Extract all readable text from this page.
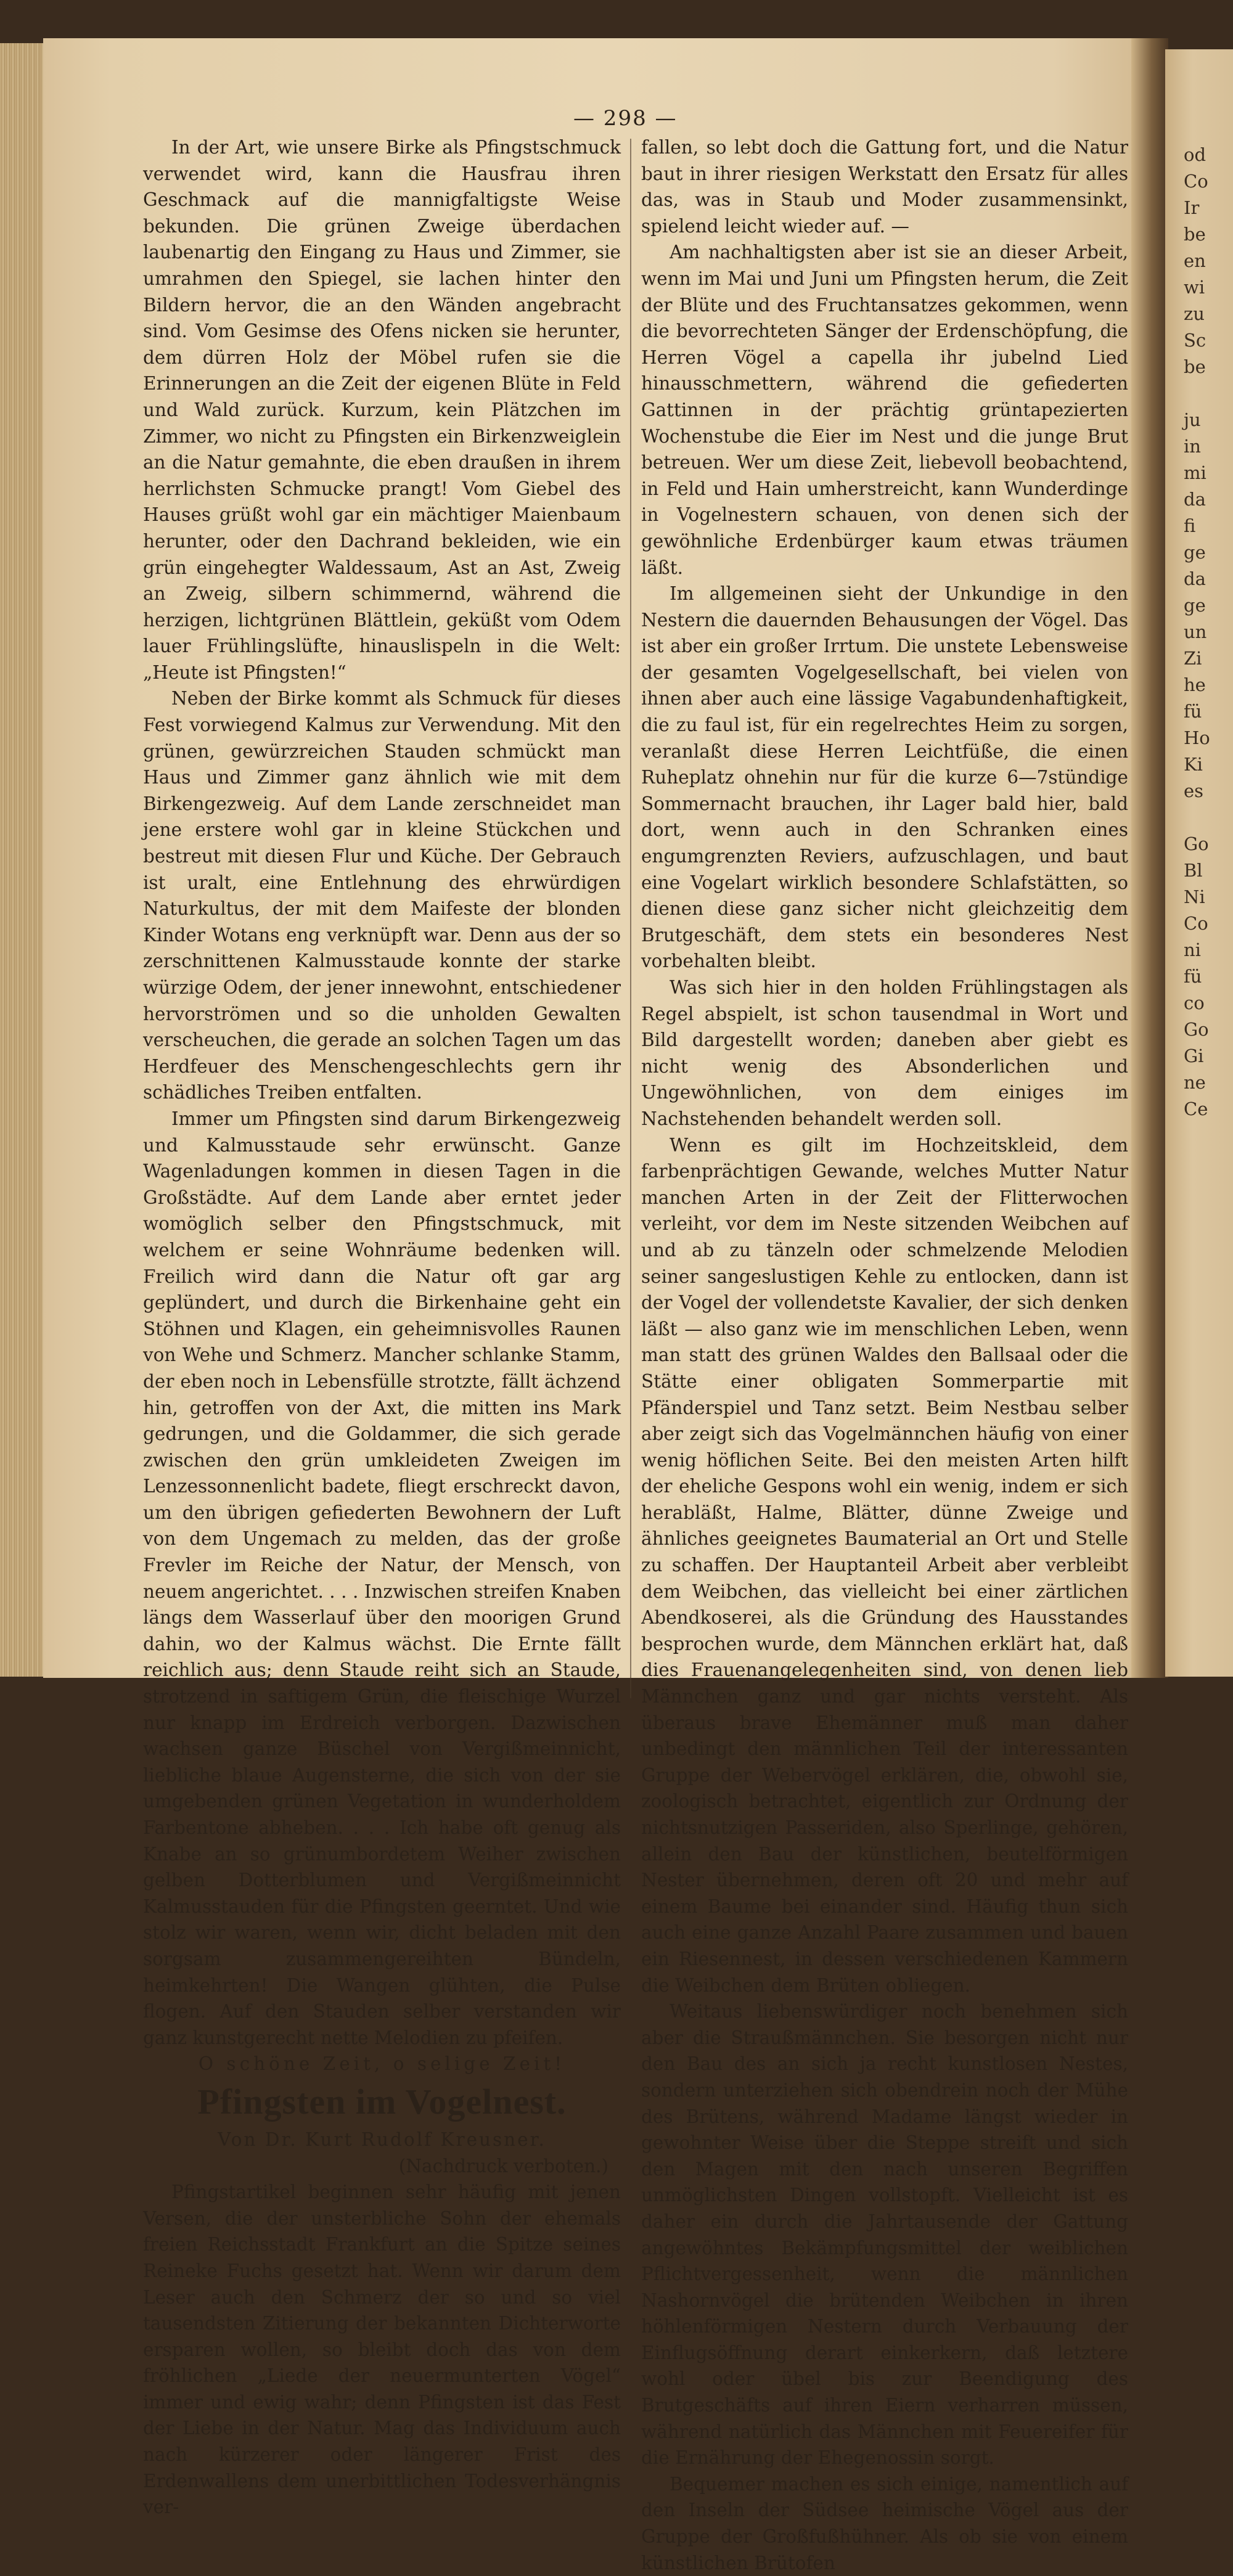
od
Co
Ir
be
en
wi
zu
Sc
be
ju
in
mi
da
fi
ge
da
ge
un
Zi
he
fü
Ho
Ki
es
Go
Bl
Ni
Co
ni
fü
co
Go
Gi
ne
Ce
— 298 —

In der Art, wie unsere Birke als Pfingstschmuck verwendet wird, kann die Hausfrau ihren Geschmack auf die mannigfaltigste Weise bekunden. Die grünen Zweige überdachen laubenartig den Eingang zu Haus und Zimmer, sie umrahmen den Spiegel, sie lachen hinter den Bildern hervor, die an den Wänden angebracht sind. Vom Gesimse des Ofens nicken sie herunter, dem dürren Holz der Möbel rufen sie die Erinnerungen an die Zeit der eigenen Blüte in Feld und Wald zurück. Kurzum, kein Plätzchen im Zimmer, wo nicht zu Pfingsten ein Birkenzweiglein an die Natur gemahnte, die eben draußen in ihrem herrlichsten Schmucke prangt! Vom Giebel des Hauses grüßt wohl gar ein mächtiger Maienbaum herunter, oder den Dachrand bekleiden, wie ein grün eingehegter Waldessaum, Ast an Ast, Zweig an Zweig, silbern schimmernd, während die herzigen, lichtgrünen Blättlein, geküßt vom Odem lauer Frühlingslüfte, hinauslispeln in die Welt: „Heute ist Pfingsten!“

Neben der Birke kommt als Schmuck für dieses Fest vorwiegend Kalmus zur Verwendung. Mit den grünen, gewürzreichen Stauden schmückt man Haus und Zimmer ganz ähnlich wie mit dem Birkengezweig. Auf dem Lande zerschneidet man jene erstere wohl gar in kleine Stückchen und bestreut mit diesen Flur und Küche. Der Gebrauch ist uralt, eine Entlehnung des ehrwürdigen Naturkultus, der mit dem Maifeste der blonden Kinder Wotans eng verknüpft war. Denn aus der so zerschnittenen Kalmusstaude konnte der starke würzige Odem, der jener innewohnt, entschiedener hervorströmen und so die unholden Gewalten verscheuchen, die gerade an solchen Tagen um das Herdfeuer des Menschengeschlechts gern ihr schädliches Treiben entfalten.

Immer um Pfingsten sind darum Birkengezweig und Kalmusstaude sehr erwünscht. Ganze Wagenladungen kommen in diesen Tagen in die Großstädte. Auf dem Lande aber erntet jeder womöglich selber den Pfingstschmuck, mit welchem er seine Wohnräume bedenken will. Freilich wird dann die Natur oft gar arg geplündert, und durch die Birkenhaine geht ein Stöhnen und Klagen, ein geheimnisvolles Raunen von Wehe und Schmerz. Mancher schlanke Stamm, der eben noch in Lebensfülle strotzte, fällt ächzend hin, getroffen von der Axt, die mitten ins Mark gedrungen, und die Goldammer, die sich gerade zwischen den grün umkleideten Zweigen im Lenzessonnenlicht badete, fliegt erschreckt davon, um den übrigen gefiederten Bewohnern der Luft von dem Ungemach zu melden, das der große Frevler im Reiche der Natur, der Mensch, von neuem angerichtet. . . . Inzwischen streifen Knaben längs dem Wasserlauf über den moorigen Grund dahin, wo der Kalmus wächst. Die Ernte fällt reichlich aus; denn Staude reiht sich an Staude, strotzend in saftigem Grün, die fleischige Wurzel nur knapp im Erdreich verborgen. Dazwischen wachsen ganze Büschel von Vergißmeinnicht, liebliche blaue Augensterne, die sich von der sie umgebenden grünen Vegetation in wunderholdem Farbentone abheben. . . . Ich habe oft genug als Knabe an so grünumbordetem Weiher zwischen gelben Dotterblumen und Vergißmeinnicht Kalmusstauden für die Pfingsten geerntet. Und wie stolz wir waren, wenn wir, dicht beladen mit den sorgsam zusammengereihten Bündeln, heimkehrten! Die Wangen glühten, die Pulse flogen. Auf den Stauden selber verstanden wir ganz kunstgerecht nette Melodien zu pfeifen.

O schöne Zeit, o selige Zeit!

Pfingsten im Vogelnest.

Von Dr. Kurt Rudolf Kreusner.

(Nachdruck verboten.)

Pfingstartikel beginnen sehr häufig mit jenen Versen, die der unsterbliche Sohn der ehemals freien Reichsstadt Frankfurt an die Spitze seines Reineke Fuchs gesetzt hat. Wenn wir darum dem Leser auch den Schmerz der so und so viel tausendsten Zitierung der bekannten Dichterworte ersparen wollen, so bleibt doch das von dem fröhlichen „Liede der neuermunterten Vögel“ immer und ewig wahr; denn Pfingsten ist das Fest der Liebe in der Natur. Mag das Individuum auch nach kürzerer oder längerer Frist des Erdenwallens dem unerbittlichen Todesverhängnis ver-

fallen, so lebt doch die Gattung fort, und die Natur baut in ihrer riesigen Werkstatt den Ersatz für alles das, was in Staub und Moder zusammensinkt, spielend leicht wieder auf. —

Am nachhaltigsten aber ist sie an dieser Arbeit, wenn im Mai und Juni um Pfingsten herum, die Zeit der Blüte und des Fruchtansatzes gekommen, wenn die bevorrechteten Sänger der Erdenschöpfung, die Herren Vögel a capella ihr jubelnd Lied hinausschmettern, während die gefiederten Gattinnen in der prächtig grüntapezierten Wochenstube die Eier im Nest und die junge Brut betreuen. Wer um diese Zeit, liebevoll beobachtend, in Feld und Hain umherstreicht, kann Wunderdinge in Vogelnestern schauen, von denen sich der gewöhnliche Erdenbürger kaum etwas träumen läßt.

Im allgemeinen sieht der Unkundige in den Nestern die dauernden Behausungen der Vögel. Das ist aber ein großer Irrtum. Die unstete Lebensweise der gesamten Vogelgesellschaft, bei vielen von ihnen aber auch eine lässige Vagabundenhaftigkeit, die zu faul ist, für ein regelrechtes Heim zu sorgen, veranlaßt diese Herren Leichtfüße, die einen Ruheplatz ohnehin nur für die kurze 6—7stündige Sommernacht brauchen, ihr Lager bald hier, bald dort, wenn auch in den Schranken eines engumgrenzten Reviers, aufzuschlagen, und baut eine Vogelart wirklich besondere Schlafstätten, so dienen diese ganz sicher nicht gleichzeitig dem Brutgeschäft, dem stets ein besonderes Nest vorbehalten bleibt.

Was sich hier in den holden Frühlingstagen als Regel abspielt, ist schon tausendmal in Wort und Bild dargestellt worden; daneben aber giebt es nicht wenig des Absonderlichen und Ungewöhnlichen, von dem einiges im Nachstehenden behandelt werden soll.

Wenn es gilt im Hochzeitskleid, dem farbenprächtigen Gewande, welches Mutter Natur manchen Arten in der Zeit der Flitterwochen verleiht, vor dem im Neste sitzenden Weibchen auf und ab zu tänzeln oder schmelzende Melodien seiner sangeslustigen Kehle zu entlocken, dann ist der Vogel der vollendetste Kavalier, der sich denken läßt — also ganz wie im menschlichen Leben, wenn man statt des grünen Waldes den Ballsaal oder die Stätte einer obligaten Sommerpartie mit Pfänderspiel und Tanz setzt. Beim Nestbau selber aber zeigt sich das Vogelmännchen häufig von einer wenig höflichen Seite. Bei den meisten Arten hilft der eheliche Gespons wohl ein wenig, indem er sich herabläßt, Halme, Blätter, dünne Zweige und ähnliches geeignetes Baumaterial an Ort und Stelle zu schaffen. Der Hauptanteil Arbeit aber verbleibt dem Weibchen, das vielleicht bei einer zärtlichen Abendkoserei, als die Gründung des Hausstandes besprochen wurde, dem Männchen erklärt hat, daß dies Frauenangelegenheiten sind, von denen lieb Männchen ganz und gar nichts versteht. Als überaus brave Ehemänner muß man daher unbedingt den männlichen Teil der interessanten Gruppe der Webervögel erklären, die, obwohl sie, zoologisch betrachtet, eigentlich zur Ordnung der nichtsnutzigen Passeriden, also Sperlinge, gehören, allein den Bau der künstlichen, beutelförmigen Nester übernehmen, deren oft 20 und mehr auf einem Baume bei einander sind. Häufig thun sich auch eine ganze Anzahl Paare zusammen und bauen ein Riesennest, in dessen verschiedenen Kammern die Weibchen dem Brüten obliegen.

Weitaus liebenswürdiger noch benehmen sich aber die Straußmännchen. Sie besorgen nicht nur den Bau des an sich ja recht kunstlosen Nestes, sondern unterziehen sich obendrein noch der Mühe des Brütens, während Madame längst wieder in gewohnter Weise über die Steppe streift und sich den Magen mit den nach unseren Begriffen unmöglichsten Dingen vollstopft. Vielleicht ist es daher ein durch die Jahrtausende der Gattung angewöhntes Bekämpfungsmittel der weiblichen Pflichtvergessenheit, wenn die männlichen Nashornvögel die brütenden Weibchen in ihren höhlenförmigen Nestern durch Verbauung der Einflugsöffnung derart einkerkern, daß letztere wohl oder übel bis zur Beendigung des Brutgeschäfts auf ihren Eiern verharren müssen, während natürlich das Männchen mit Feuereifer für die Ernährung der Ehegenossin sorgt.

Bequemer machen es sich einige, namentlich auf den Inseln der Südsee heimische Vögel aus der Gruppe der Großfußhühner. Als ob sie von einem künstlichen Brütofen
